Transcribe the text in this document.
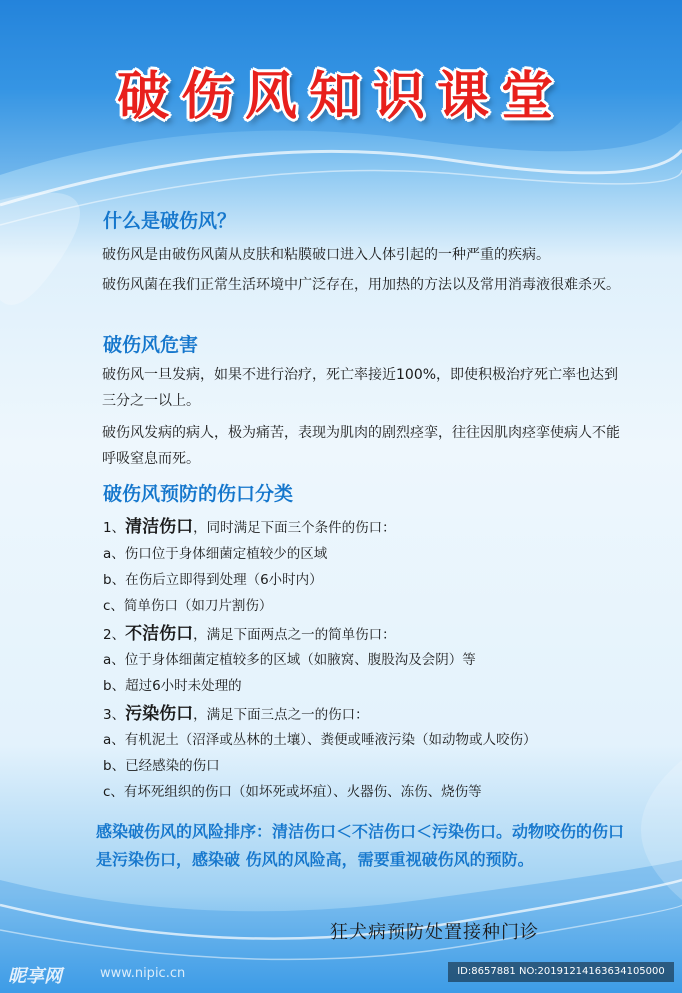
破伤风知识课堂
什么是破伤风？
破伤风是由破伤风菌从皮肤和粘膜破口进入人体引起的一种严重的疾病。
破伤风菌在我们正常生活环境中广泛存在，用加热的方法以及常用消毒液很难杀灭。
破伤风危害
破伤风一旦发病，如果不进行治疗，死亡率接近100%，即使积极治疗死亡率也达到三分之一以上。
破伤风发病的病人，极为痛苦，表现为肌肉的剧烈痉挛，往往因肌肉痉挛使病人不能呼吸窒息而死。
破伤风预防的伤口分类
1、清洁伤口，同时满足下面三个条件的伤口：
a、伤口位于身体细菌定植较少的区域
b、在伤后立即得到处理（6小时内）
c、简单伤口（如刀片割伤）
2、不洁伤口，满足下面两点之一的简单伤口：
a、位于身体细菌定植较多的区域（如腋窝、腹股沟及会阴）等
b、超过6小时未处理的
3、污染伤口，满足下面三点之一的伤口：
a、有机泥土（沼泽或丛林的土壤）、粪便或唾液污染（如动物或人咬伤）
b、已经感染的伤口
c、有坏死组织的伤口（如坏死或坏疽）、火器伤、冻伤、烧伤等
感染破伤风的风险排序：清洁伤口＜不洁伤口＜污染伤口。动物咬伤的伤口是污染伤口，感染破 伤风的风险高，需要重视破伤风的预防。
狂犬病预防处置接种门诊
昵享网	www.nipic.cn	ID:8657881 NO:20191214163634105000
